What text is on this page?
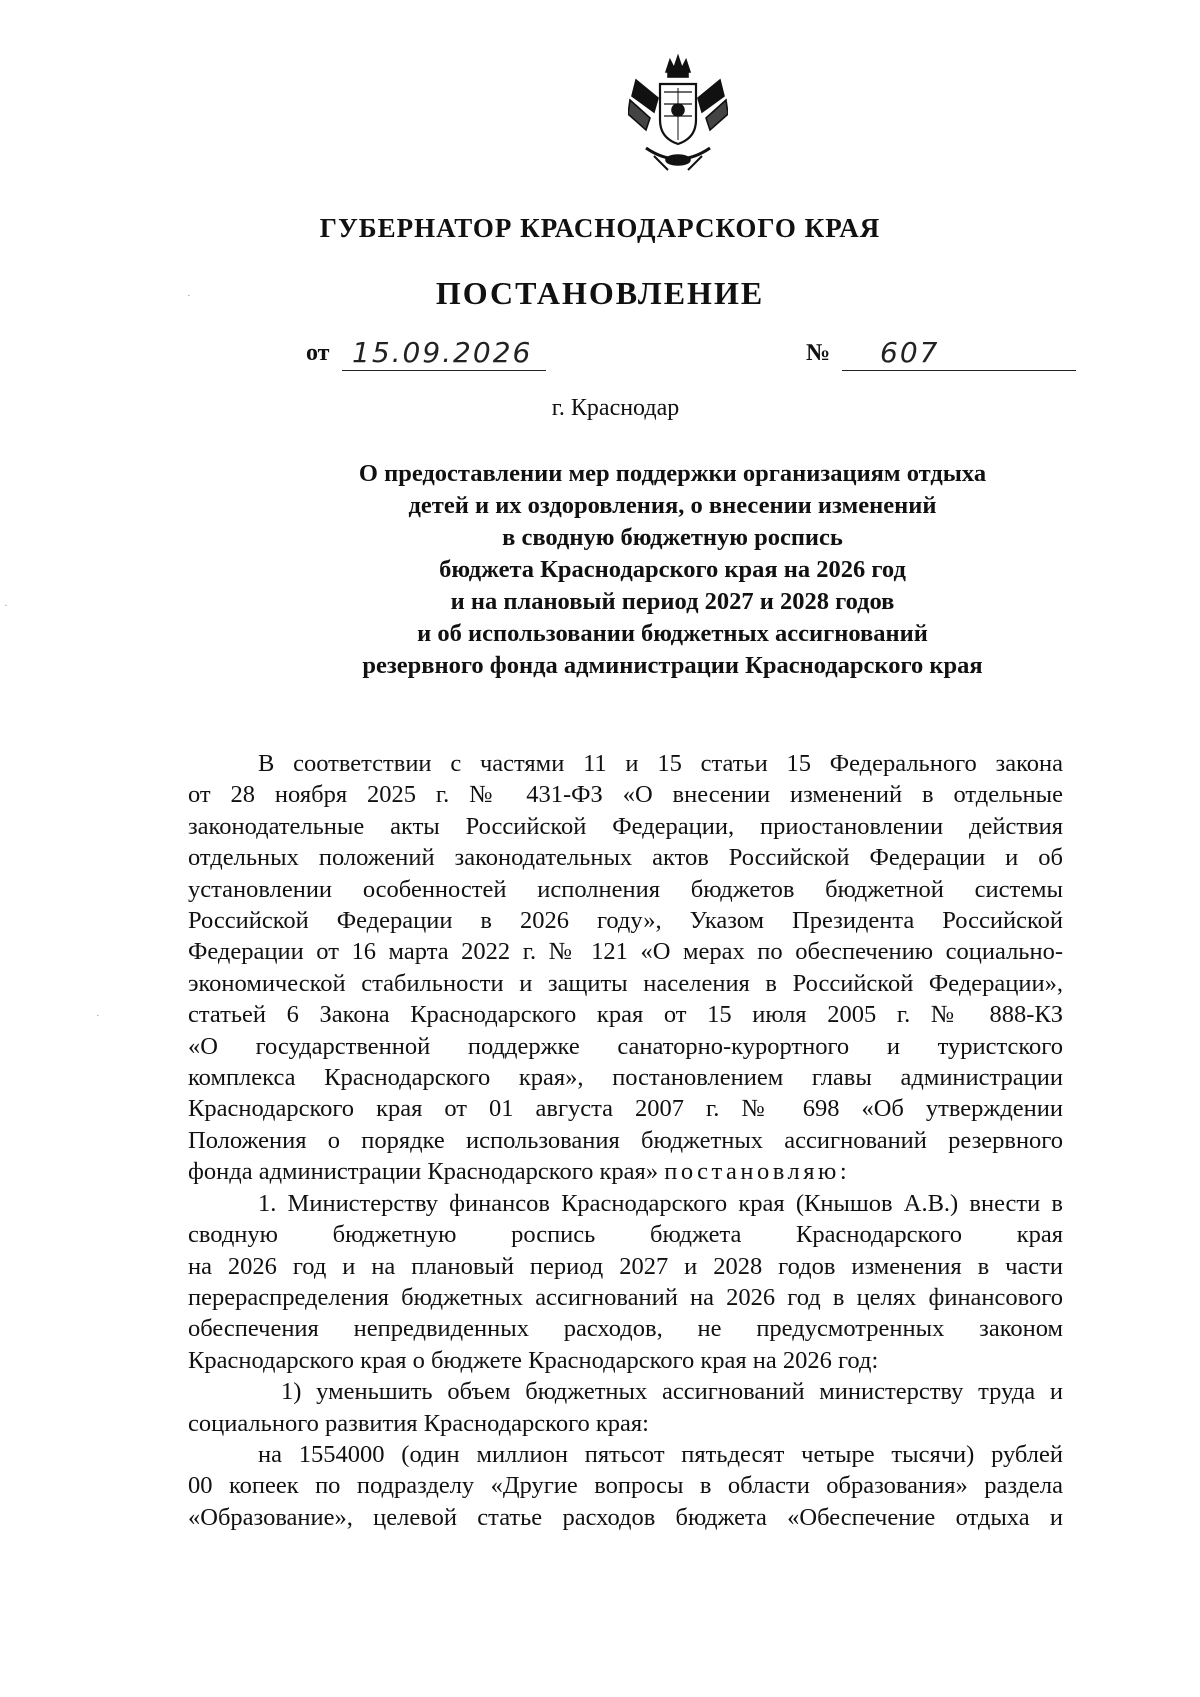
ГУБЕРНАТОР КРАСНОДАРСКОГО КРАЯ
ПОСТАНОВЛЕНИЕ
от 15.09.2026	№	607
г. Краснодар
О предоставлении мер поддержки организациям отдыха
детей и их оздоровления, о внесении изменений
в сводную бюджетную роспись
бюджета Краснодарского края на 2026 год
и на плановый период 2027 и 2028 годов
и об использовании бюджетных ассигнований
резервного фонда администрации Краснодарского края
В соответствии с частями 11 и 15 статьи 15 Федерального закона
от 28 ноября 2025 г. № 431-ФЗ «О внесении изменений в отдельные
законодательные акты Российской Федерации, приостановлении действия
отдельных положений законодательных актов Российской Федерации и об
установлении особенностей исполнения бюджетов бюджетной системы
Российской Федерации в 2026 году», Указом Президента Российской
Федерации от 16 марта 2022 г. № 121 «О мерах по обеспечению социально-
экономической стабильности и защиты населения в Российской Федерации»,
статьей 6 Закона Краснодарского края от 15 июля 2005 г. № 888-КЗ
«О государственной поддержке санаторно-курортного и туристского
комплекса Краснодарского края», постановлением главы администрации
Краснодарского края от 01 августа 2007 г. № 698 «Об утверждении
Положения о порядке использования бюджетных ассигнований резервного
фонда администрации Краснодарского края» постановляю:
1. Министерству финансов Краснодарского края (Кнышов А.В.) внести в
сводную бюджетную роспись бюджета Краснодарского края
на 2026 год и на плановый период 2027 и 2028 годов изменения в части
перераспределения бюджетных ассигнований на 2026 год в целях финансового
обеспечения непредвиденных расходов, не предусмотренных законом
Краснодарского края о бюджете Краснодарского края на 2026 год:
1) уменьшить объем бюджетных ассигнований министерству труда и
социального развития Краснодарского края:
на 1554000 (один миллион пятьсот пятьдесят четыре тысячи) рублей
00 копеек по подразделу «Другие вопросы в области образования» раздела
«Образование», целевой статье расходов бюджета «Обеспечение отдыха и
·
·
·
